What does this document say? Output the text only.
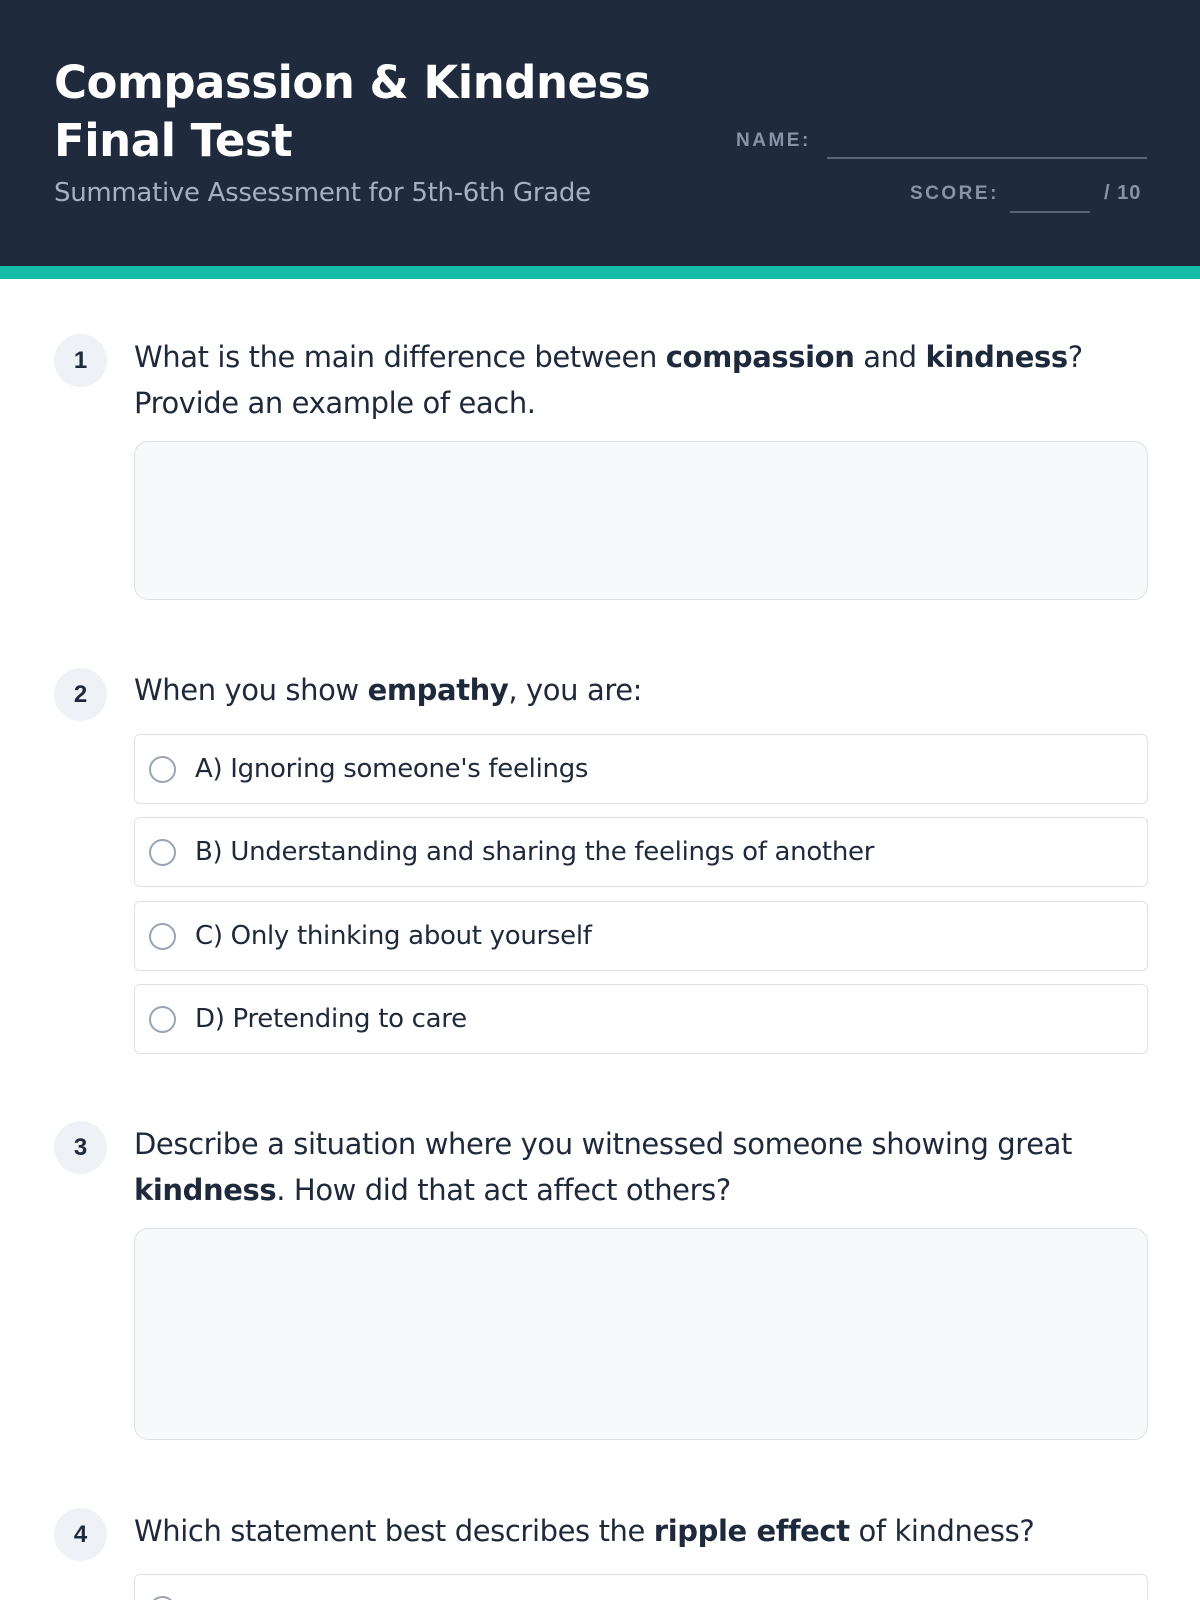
Compassion & Kindness
Final Test
Summative Assessment for 5th-6th Grade
NAME:
SCORE:	/ 10
1	What is the main difference between compassion and kindness? Provide an example of each.
2	When you show empathy, you are:
A) Ignoring someone's feelings
B) Understanding and sharing the feelings of another
C) Only thinking about yourself
D) Pretending to care
3	Describe a situation where you witnessed someone showing great kindness. How did that act affect others?
4	Which statement best describes the ripple effect of kindness?
